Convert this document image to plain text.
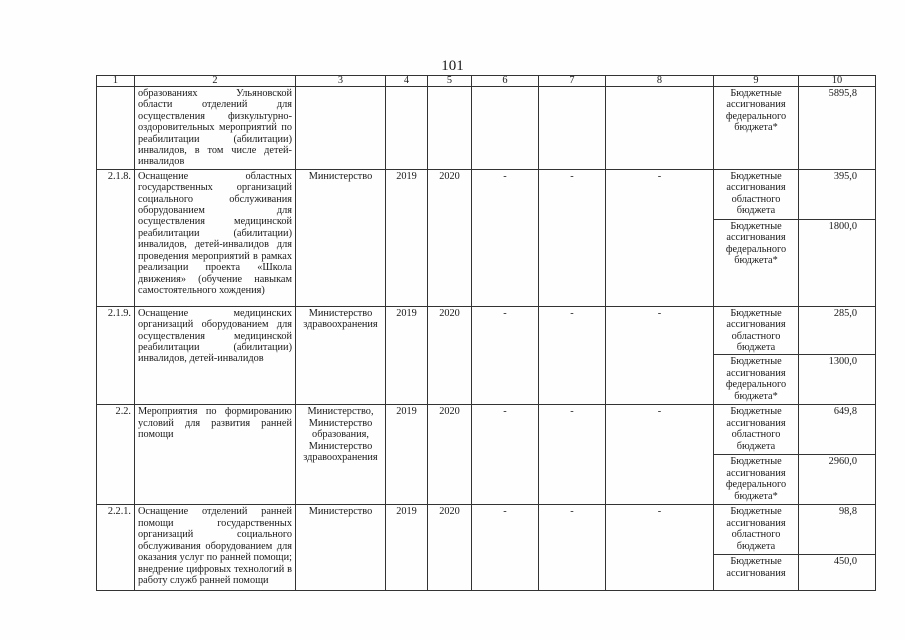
101
1	2	3	4	5	6	7	8	9	10
	образованиях Ульяновской области отделений для осуществления физкультурно-оздоровительных мероприятий по реабилитации (абилитации) инвалидов, в том числе детей-инвалидов							Бюджетные ассигнования федерального бюджета*	5895,8
2.1.8.	Оснащение областных государственных организаций социального обслуживания оборудованием для осуществления медицинской реабилитации (абилитации) инвалидов, детей-инвалидов для проведения мероприятий в рамках реализации проекта «Школа движения» (обучение навыкам самостоятельного хождения)	Министерство	2019	2020	-	-	-	Бюджетные ассигнования областного бюджета	395,0
								Бюджетные ассигнования федерального бюджета*	1800,0
2.1.9.	Оснащение медицинских организаций оборудованием для осуществления медицинской реабилитации (абилитации) инвалидов, детей-инвалидов	Министерство здравоохранения	2019	2020	-	-	-	Бюджетные ассигнования областного бюджета	285,0
								Бюджетные ассигнования федерального бюджета*	1300,0
2.2.	Мероприятия по формированию условий для развития ранней помощи	Министерство, Министерство образования, Министерство здравоохранения	2019	2020	-	-	-	Бюджетные ассигнования областного бюджета	649,8
								Бюджетные ассигнования федерального бюджета*	2960,0
2.2.1.	Оснащение отделений ранней помощи государственных организаций социального обслуживания оборудованием для оказания услуг по ранней помощи; внедрение цифровых технологий в работу служб ранней помощи	Министерство	2019	2020	-	-	-	Бюджетные ассигнования областного бюджета	98,8
								Бюджетные ассигнования	450,0
